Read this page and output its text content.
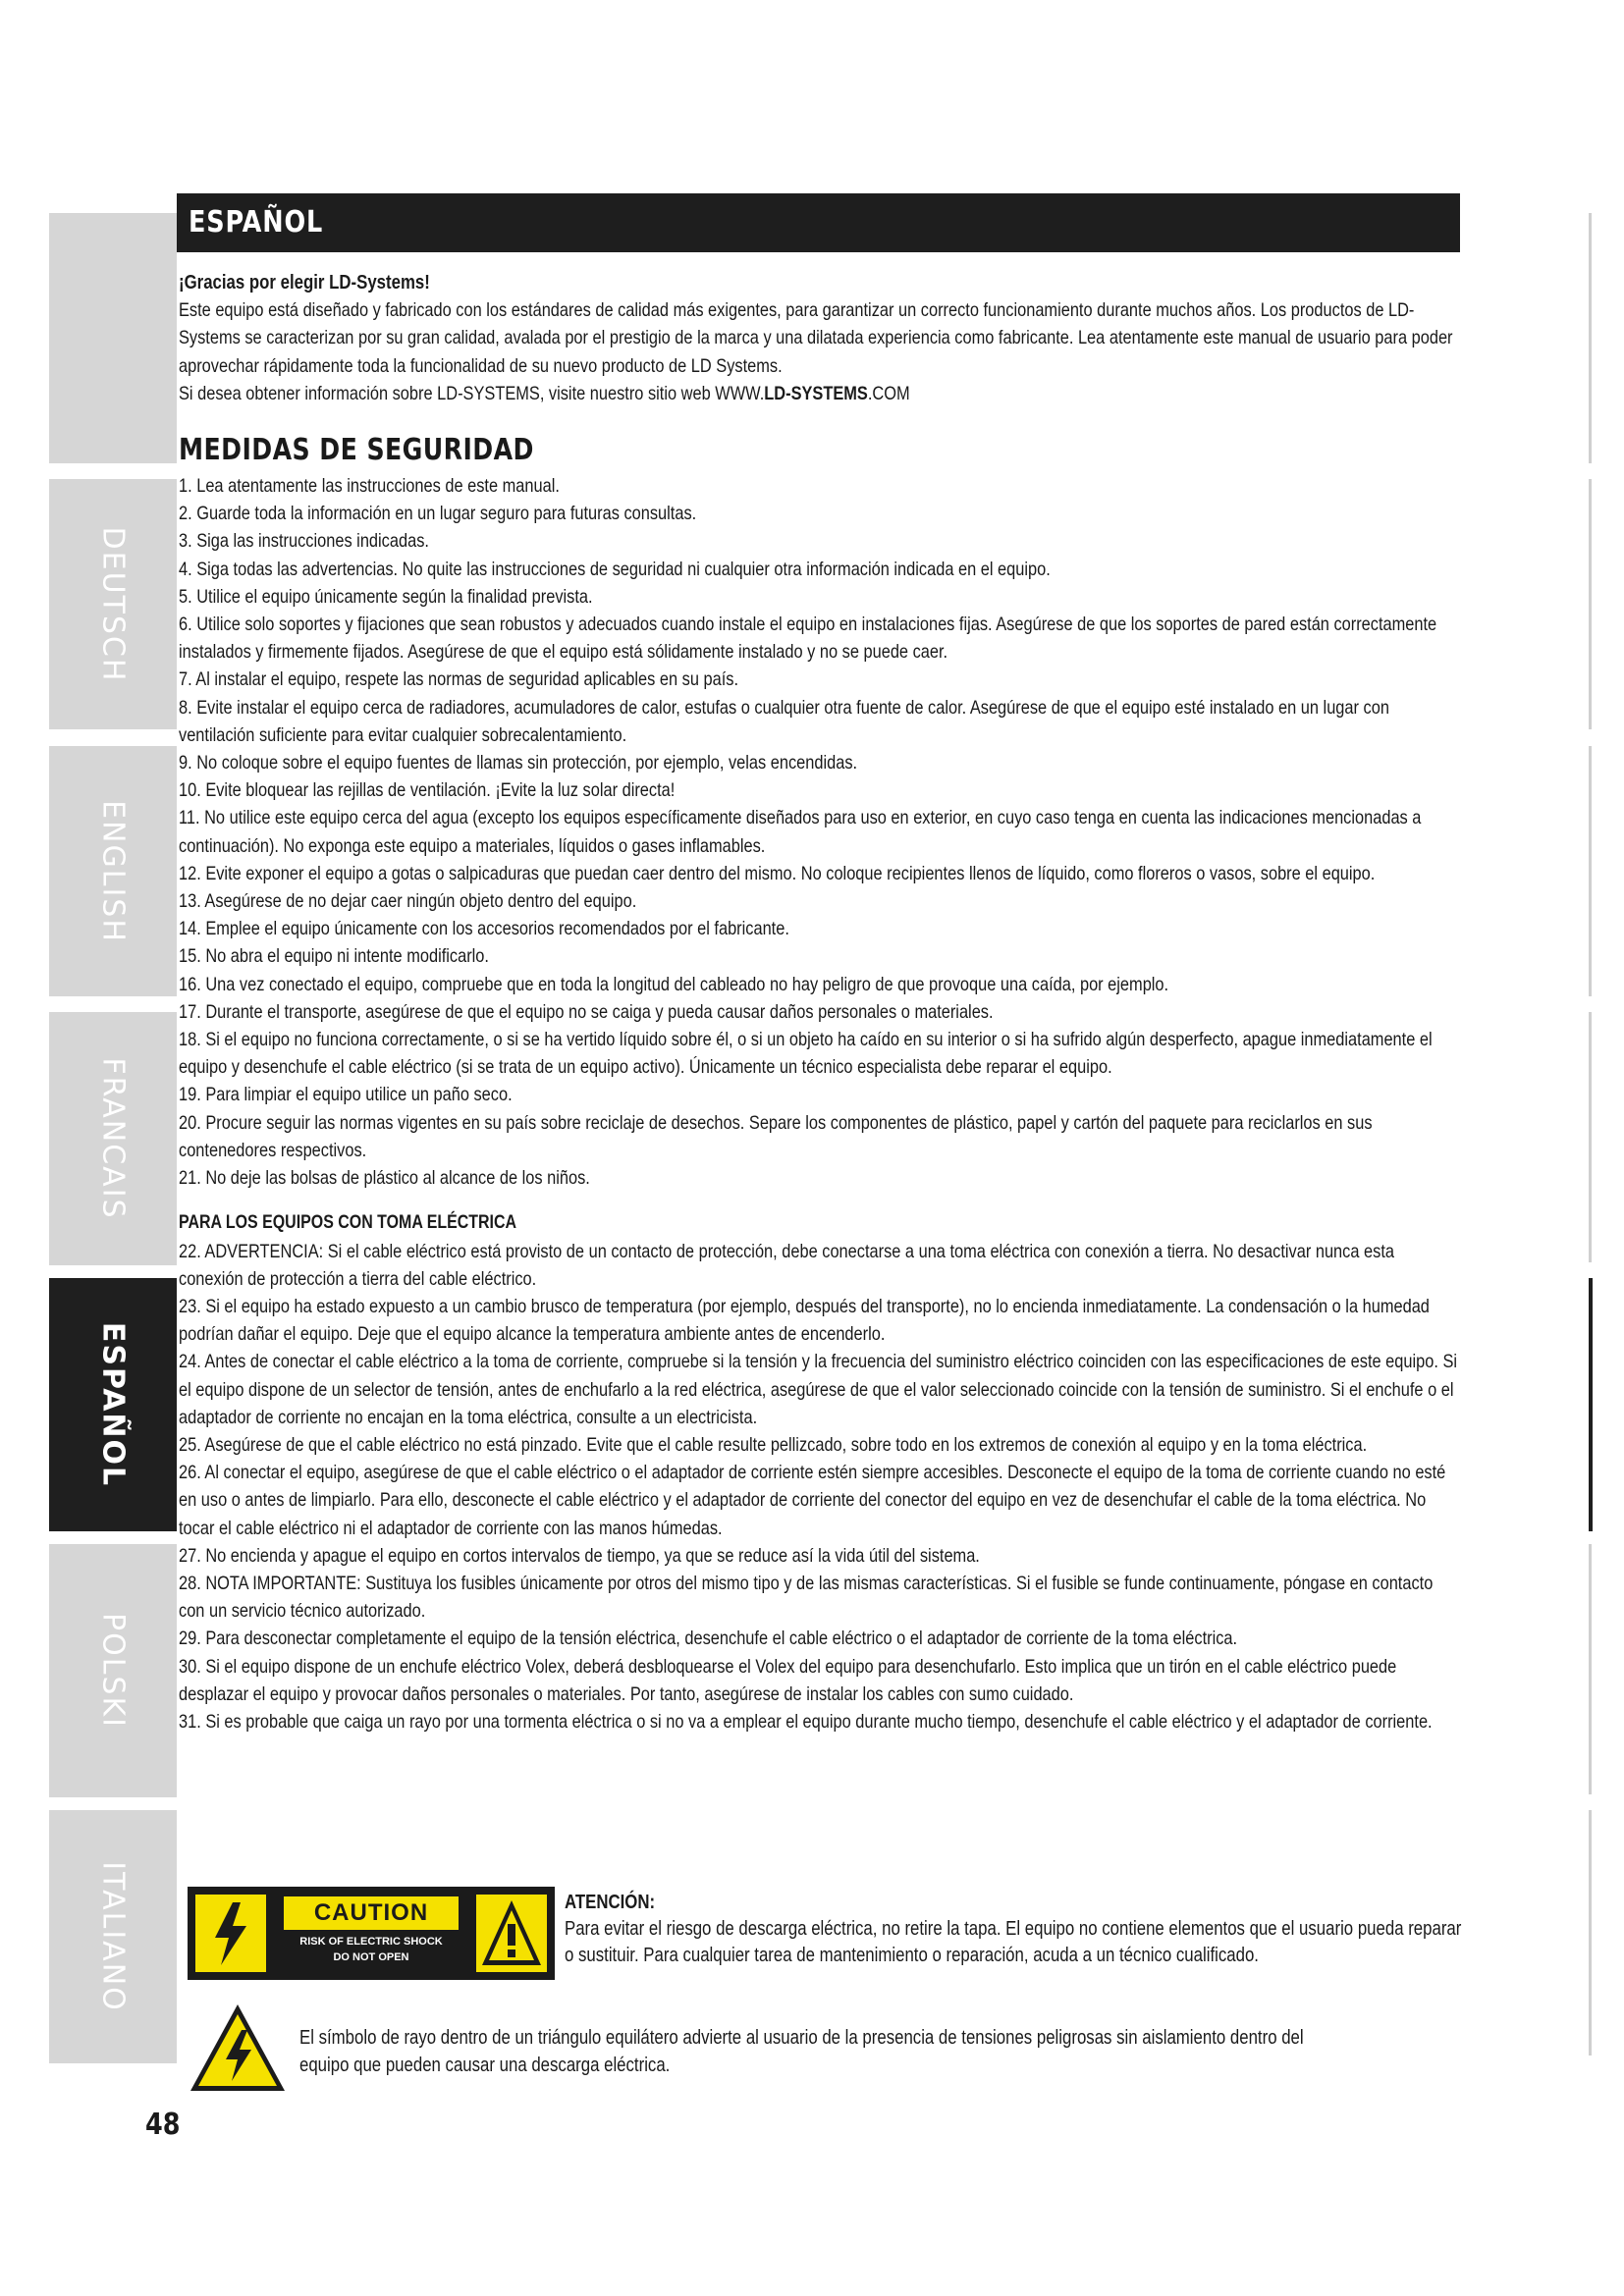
DEUTSCH
ENGLISH
FRANCAIS
ESPAÑOL
POLSKI
ITALIANO
ESPAÑOL

¡Gracias por elegir LD-Systems!

Este equipo está diseñado y fabricado con los estándares de calidad más exigentes, para garantizar un correcto funcionamiento durante muchos años. Los productos de LD-Systems se caracterizan por su gran calidad, avalada por el prestigio de la marca y una dilatada experiencia como fabricante. Lea atentamente este manual de usuario para poder aprovechar rápidamente toda la funcionalidad de su nuevo producto de LD Systems.

Si desea obtener información sobre LD-SYSTEMS, visite nuestro sitio web WWW.LD-SYSTEMS.COM

MEDIDAS DE SEGURIDAD

1. Lea atentamente las instrucciones de este manual.

2. Guarde toda la información en un lugar seguro para futuras consultas.

3. Siga las instrucciones indicadas.

4. Siga todas las advertencias. No quite las instrucciones de seguridad ni cualquier otra información indicada en el equipo.

5. Utilice el equipo únicamente según la finalidad prevista.

6. Utilice solo soportes y fijaciones que sean robustos y adecuados cuando instale el equipo en instalaciones fijas. Asegúrese de que los soportes de pared están correctamente instalados y firmemente fijados. Asegúrese de que el equipo está sólidamente instalado y no se puede caer.

7. Al instalar el equipo, respete las normas de seguridad aplicables en su país.

8. Evite instalar el equipo cerca de radiadores, acumuladores de calor, estufas o cualquier otra fuente de calor. Asegúrese de que el equipo esté instalado en un lugar con ventilación suficiente para evitar cualquier sobrecalentamiento.

9. No coloque sobre el equipo fuentes de llamas sin protección, por ejemplo, velas encendidas.

10. Evite bloquear las rejillas de ventilación. ¡Evite la luz solar directa!

11. No utilice este equipo cerca del agua (excepto los equipos específicamente diseñados para uso en exterior, en cuyo caso tenga en cuenta las indicaciones mencionadas a continuación). No exponga este equipo a materiales, líquidos o gases inflamables.

12. Evite exponer el equipo a gotas o salpicaduras que puedan caer dentro del mismo. No coloque recipientes llenos de líquido, como floreros o vasos, sobre el equipo.

13. Asegúrese de no dejar caer ningún objeto dentro del equipo.

14. Emplee el equipo únicamente con los accesorios recomendados por el fabricante.

15. No abra el equipo ni intente modificarlo.

16. Una vez conectado el equipo, compruebe que en toda la longitud del cableado no hay peligro de que provoque una caída, por ejemplo.

17. Durante el transporte, asegúrese de que el equipo no se caiga y pueda causar daños personales o materiales.

18. Si el equipo no funciona correctamente, o si se ha vertido líquido sobre él, o si un objeto ha caído en su interior o si ha sufrido algún desperfecto, apague inmediatamente el equipo y desenchufe el cable eléctrico (si se trata de un equipo activo). Únicamente un técnico especialista debe reparar el equipo.

19. Para limpiar el equipo utilice un paño seco.

20. Procure seguir las normas vigentes en su país sobre reciclaje de desechos. Separe los componentes de plástico, papel y cartón del paquete para reciclarlos en sus contenedores respectivos.

21. No deje las bolsas de plástico al alcance de los niños.

PARA LOS EQUIPOS CON TOMA ELÉCTRICA

22. ADVERTENCIA: Si el cable eléctrico está provisto de un contacto de protección, debe conectarse a una toma eléctrica con conexión a tierra. No desactivar nunca esta conexión de protección a tierra del cable eléctrico.

23. Si el equipo ha estado expuesto a un cambio brusco de temperatura (por ejemplo, después del transporte), no lo encienda inmediatamente. La condensación o la humedad podrían dañar el equipo. Deje que el equipo alcance la temperatura ambiente antes de encenderlo.

24. Antes de conectar el cable eléctrico a la toma de corriente, compruebe si la tensión y la frecuencia del suministro eléctrico coinciden con las especificaciones de este equipo. Si el equipo dispone de un selector de tensión, antes de enchufarlo a la red eléctrica, asegúrese de que el valor seleccionado coincide con la tensión de suministro. Si el enchufe o el adaptador de corriente no encajan en la toma eléctrica, consulte a un electricista.

25. Asegúrese de que el cable eléctrico no está pinzado. Evite que el cable resulte pellizcado, sobre todo en los extremos de conexión al equipo y en la toma eléctrica.

26. Al conectar el equipo, asegúrese de que el cable eléctrico o el adaptador de corriente estén siempre accesibles. Desconecte el equipo de la toma de corriente cuando no esté en uso o antes de limpiarlo. Para ello, desconecte el cable eléctrico y el adaptador de corriente del conector del equipo en vez de desenchufar el cable de la toma eléctrica. No tocar el cable eléctrico ni el adaptador de corriente con las manos húmedas.

27. No encienda y apague el equipo en cortos intervalos de tiempo, ya que se reduce así la vida útil del sistema.

28. NOTA IMPORTANTE: Sustituya los fusibles únicamente por otros del mismo tipo y de las mismas características. Si el fusible se funde continuamente, póngase en contacto con un servicio técnico autorizado.

29. Para desconectar completamente el equipo de la tensión eléctrica, desenchufe el cable eléctrico o el adaptador de corriente de la toma eléctrica.

30. Si el equipo dispone de un enchufe eléctrico Volex, deberá desbloquearse el Volex del equipo para desenchufarlo. Esto implica que un tirón en el cable eléctrico puede desplazar el equipo y provocar daños personales o materiales. Por tanto, asegúrese de instalar los cables con sumo cuidado.

31. Si es probable que caiga un rayo por una tormenta eléctrica o si no va a emplear el equipo durante mucho tiempo, desenchufe el cable eléctrico y el adaptador de corriente.

CAUTION
RISK OF ELECTRIC SHOCK
DO NOT OPEN
ATENCIÓN:
Para evitar el riesgo de descarga eléctrica, no retire la tapa. El equipo no contiene elementos que el usuario pueda reparar o sustituir. Para cualquier tarea de mantenimiento o reparación, acuda a un técnico cualificado.
El símbolo de rayo dentro de un triángulo equilátero advierte al usuario de la presencia de tensiones peligrosas sin aislamiento dentro del equipo que pueden causar una descarga eléctrica.
48
